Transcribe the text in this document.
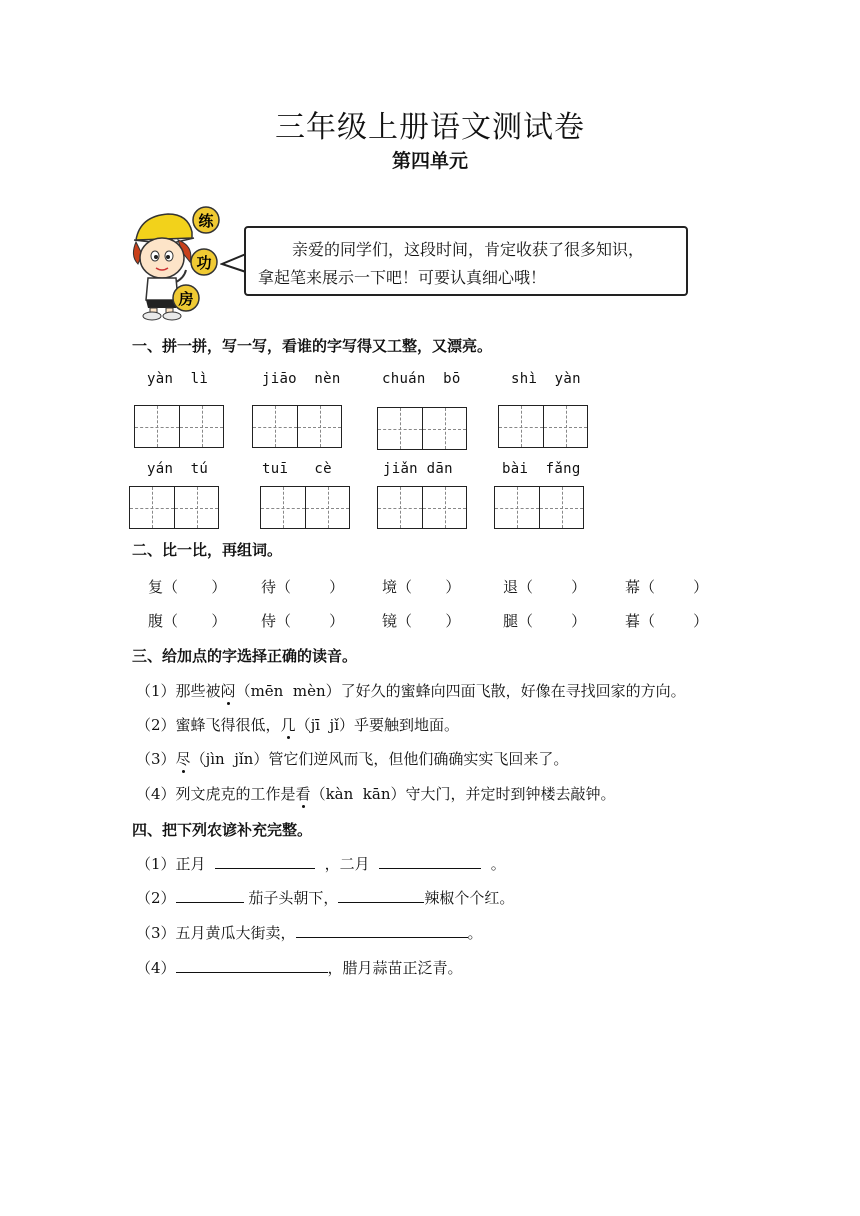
三年级上册语文测试卷
第四单元
练
功
房
亲爱的同学们，这段时间，肯定收获了很多知识，
拿起笔来展示一下吧！可要认真细心哦！
一、拼一拼，写一写，看谁的字写得又工整，又漂亮。
yàn  lì	jiāo  nèn	chuán  bō	shì  yàn
yán  tú	tuī   cè	jiǎn dān	bài  fǎng
二、比一比，再组词。
复（       ） 待（        ）	境（       ）	退（        ）	幕（        ）
腹（       ） 侍（        ）	镜（       ）	腿（        ）	暮（        ）
三、给加点的字选择正确的读音。
（1）那些被闷（mēn  mèn）了好久的蜜蜂向四面飞散，好像在寻找回家的方向。
（2）蜜蜂飞得很低，几（jī  jǐ）乎要触到地面。
（3）尽（jìn  jǐn）管它们逆风而飞，但他们确确实实飞回来了。
（4）列文虎克的工作是看（kàn  kān）守大门，并定时到钟楼去敲钟。
四、把下列农谚补充完整。
（1）正月	，二月	。
（2）	茄子头朝下，	辣椒个个红。
（3）五月黄瓜大街卖，	。
（4）	，腊月蒜苗正泛青。
